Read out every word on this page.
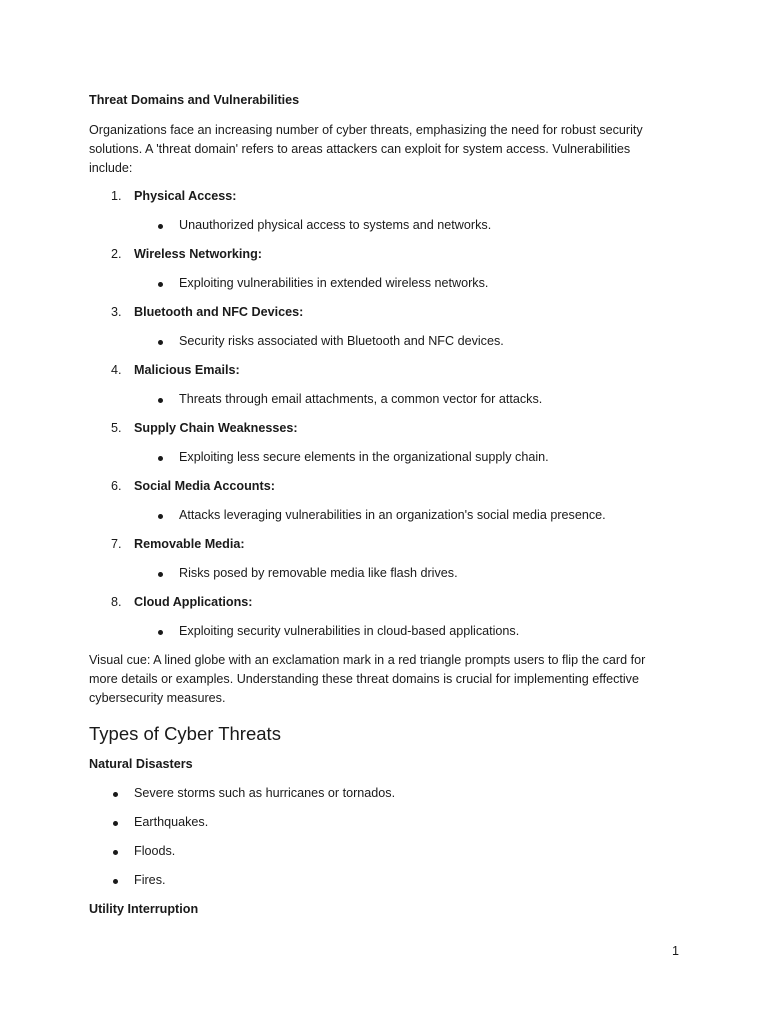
Threat Domains and Vulnerabilities

Organizations face an increasing number of cyber threats, emphasizing the need for robust security solutions. A 'threat domain' refers to areas attackers can exploit for system access. Vulnerabilities include:

1. Physical Access:
Unauthorized physical access to systems and networks.
2. Wireless Networking:
Exploiting vulnerabilities in extended wireless networks.
3. Bluetooth and NFC Devices:
Security risks associated with Bluetooth and NFC devices.
4. Malicious Emails:
Threats through email attachments, a common vector for attacks.
5. Supply Chain Weaknesses:
Exploiting less secure elements in the organizational supply chain.
6. Social Media Accounts:
Attacks leveraging vulnerabilities in an organization's social media presence.
7. Removable Media:
Risks posed by removable media like flash drives.
8. Cloud Applications:
Exploiting security vulnerabilities in cloud-based applications.

Visual cue: A lined globe with an exclamation mark in a red triangle prompts users to flip the card for more details or examples. Understanding these threat domains is crucial for implementing effective cybersecurity measures.

Types of Cyber Threats
Natural Disasters
Severe storms such as hurricanes or tornados.
Earthquakes.
Floods.
Fires.
Utility Interruption
1
